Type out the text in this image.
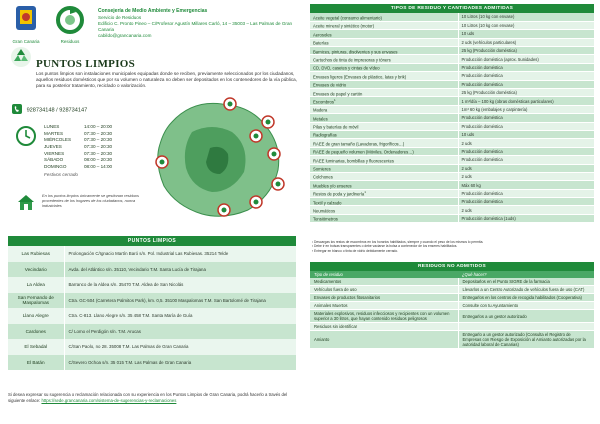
Gran Canaria	Residuos
Consejería de Medio Ambiente y Emergencias
Servicio de Residuos
Edificio C. Pronto Pineo – C/Profesor Agustín Millares Carló, 14 – 35003 – Las Palmas de Gran Canaria
cabildo@grancanaria.com
PUNTOS LIMPIOS
Los puntos limpios son instalaciones municipales equipadas donde se reciben, previamente seleccionados por los ciudadanos, aquellos residuos domésticos que por su volumen o naturaleza no deben ser depositados en los contenedores de la vía pública, para su posterior tratamiento, reciclado o valorización.
928734148 / 928734147
LUNES	14:00 – 20:00
MARTES	07:30 – 20:30
MIÉRCOLES	07:30 – 20:30
JUEVES	07:30 – 20:30
VIERNES	07:30 – 20:30
SÁBADO	08:00 – 20:30
DOMINGO	08:00 – 14:00
Festivos cerrado
En los puntos limpios únicamente se gestionan residuos procedentes de los hogares de los ciudadanos, nunca industriales
PUNTOS LIMPIOS	
Las Rubiesas	Prolongación C/Ignacio Martín Baró s/n. Pol. Industrial Las Rubiesas. 35214 Telde
Vecindario	Avda. del Atlántico s/n. 35110, Vecindario T.M. Santa Lucía de Tirajana
La Aldea	Barranco de la Aldea s/n. 35470 T.M. Aldea de San Nicolás
San Fernando de Maspalomas	Ctra. GC-504 (Carretera Palmitos Park), km. 0,5. 35100 Maspalomas T.M. San Bartolomé de Tirajana
Llano Alegre	Ctra. C-813. Llano Alegre s/n. 35 458 T.M. Santa María de Guía
Cardones	C/ Lomo el Perdigón s/n. T.M. Arucas
El Sebadal	C/San Paolo, no 28. 35008 T.M. Las Palmas de Gran Canaria
El Batán	C/Severo Ochoa s/n. 35 015 T.M. Las Palmas de Gran Canaria
Si desea expresar su sugerencia o reclamación relacionada con su experiencia en los Puntos Limpios de Gran Canaria, podrá hacerlo a través del siguiente enlace: https://sede.grancanaria.com/sistema-de-sugerencias-y-reclamaciones
TIPOS DE RESIDUO Y CANTIDADES ADMITIDAS	
Aceite vegetal (consumo alimentario)	10 Litros (10 kg con envase)
Aceite mineral y sintético (motor)	10 Litros (10 kg con envase)
Aerosoles	10 uds
Baterías	2 uds (vehículos particulares)
Barnices, pinturas, disolventes y sus envases	25 kg (Producción doméstica)
Cartuchos de tinta de impresoras y tóners	Producción doméstica (aprox. 5unidades)
CD, DVD, casetes y cintas de vídeo	Producción doméstica
Envases ligeros (Envases de plástico, latas y brik)	Producción doméstica
Envases de vidrio	Producción doméstica
Envases de papel y cartón	25 kg (Producción doméstica)
Escombros$^1$	1 m³/día – 100 kg (obras domésticas particulares)
Madera	1m³ 60 kg (embalajes y carpintería)
Metales	Producción doméstica
Pilas y baterías de móvil	Producción doméstica
Radiografías	10 uds
RAEE de gran tamaño (Lavadoras, frigoríficos…)	2 uds
RAEE de pequeño volumen (Móviles, Ordenadores…)	Producción doméstica
RAEE luminarias, bombillas y fluorescentes	Producción doméstica
Somieres	2 uds
Colchones	2 uds
Muebles y/o enseres	Máx 60 kg
Restos de poda y jardinería$^1$	Producción doméstica
Textil y calzado	Producción doméstica
Neumáticos	2 uds
Tensiómetros	Producción doméstica (1uds)
¹ Descargas los restos de escombros en los horarios habilitados, siempre y cuando el peso de los mismos lo permita.
² Debe ir en bolsas transparentes o debe vaciarse la bolsa a contenedor de los enseres habilitados.
³ Entregar en blanco o tinta de vidrio debidamente cerrado.
RESIDUOS NO ADMITIDOS	
Tipo de residuo	¿Qué hacer?
Medicamentos	Depositarlos en el Punto SIGRE de la farmacia
Vehículos fuera de uso	Llevarlos a un Centro Autorizado de vehículos fuera de uso (CAT)
Envases de productos fitosanitarios	Entregarlos en los centros de recogida habilitados (Cooperativa)
Animales Muertos	Consulte con tu Ayuntamiento
Materiales explosivos, residuos infecciosos y recipientes con un volumen superior a 30 litros, que hayan contenido residuos peligrosos	Entregarlos a un gestor autorizado
Residuos sin identificar	
Amianto	Entregarlo a un gestor autorizado (Consulta el Registro de Empresas con Riesgo de Exposición al Amianto autorizadas por la autoridad laboral de Canarias)
